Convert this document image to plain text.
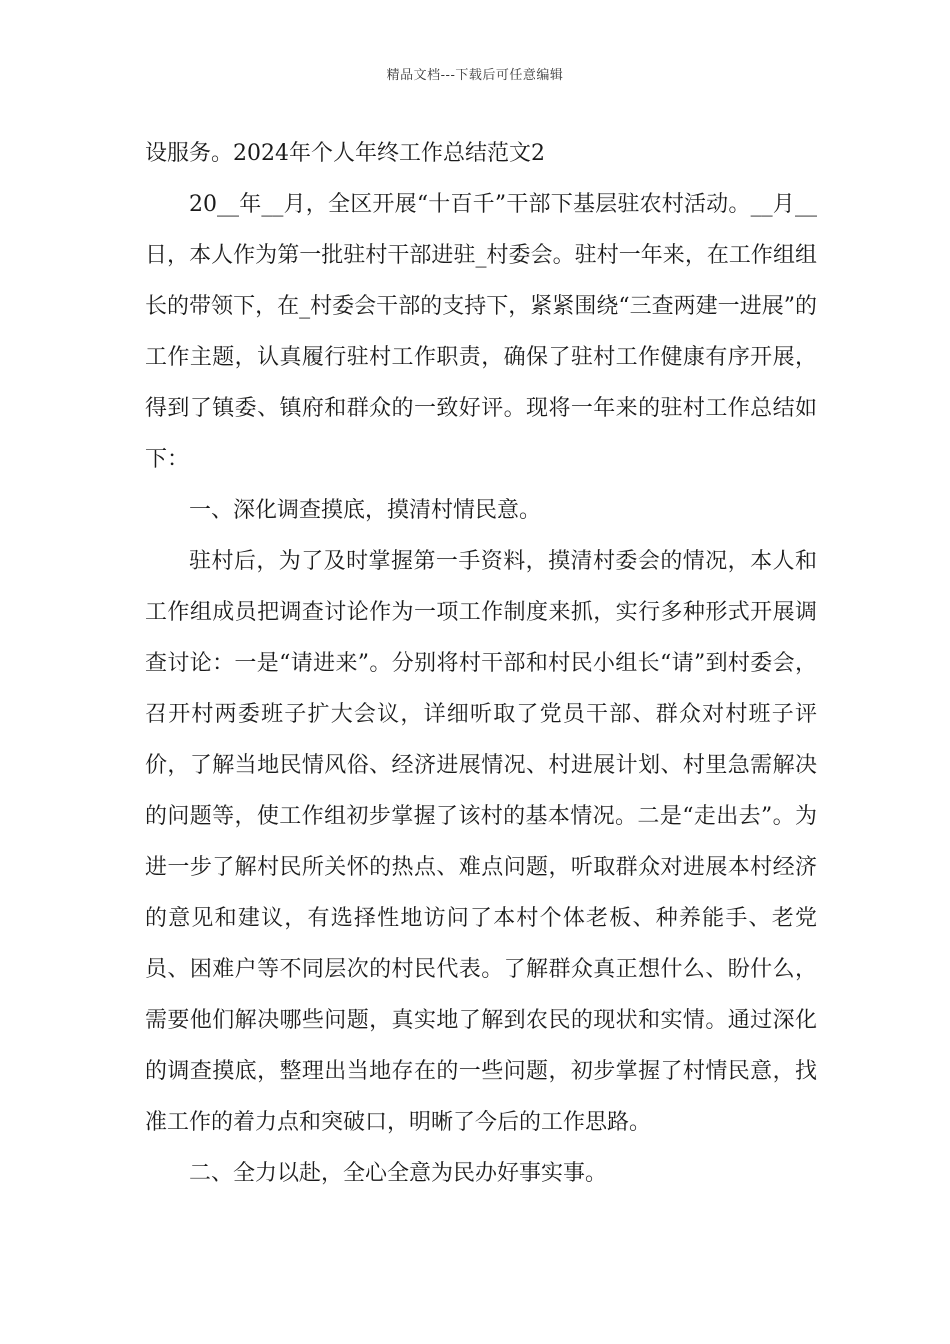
精品文档---下载后可任意编辑

设服务。2024年个人年终工作总结范文2

20__年__月，全区开展“十百千”干部下基层驻农村活动。__月__日，本人作为第一批驻村干部进驻_村委会。驻村一年来，在工作组组长的带领下，在_村委会干部的支持下，紧紧围绕“三查两建一进展”的工作主题，认真履行驻村工作职责，确保了驻村工作健康有序开展，得到了镇委、镇府和群众的一致好评。现将一年来的驻村工作总结如下：

一、深化调查摸底，摸清村情民意。

驻村后，为了及时掌握第一手资料，摸清村委会的情况，本人和工作组成员把调查讨论作为一项工作制度来抓，实行多种形式开展调查讨论：一是“请进来”。分别将村干部和村民小组长“请”到村委会，召开村两委班子扩大会议，详细听取了党员干部、群众对村班子评价，了解当地民情风俗、经济进展情况、村进展计划、村里急需解决的问题等，使工作组初步掌握了该村的基本情况。二是“走出去”。为进一步了解村民所关怀的热点、难点问题，听取群众对进展本村经济的意见和建议，有选择性地访问了本村个体老板、种养能手、老党员、困难户等不同层次的村民代表。了解群众真正想什么、盼什么，需要他们解决哪些问题，真实地了解到农民的现状和实情。通过深化的调查摸底，整理出当地存在的一些问题，初步掌握了村情民意，找准工作的着力点和突破口，明晰了今后的工作思路。

二、全力以赴，全心全意为民办好事实事。
